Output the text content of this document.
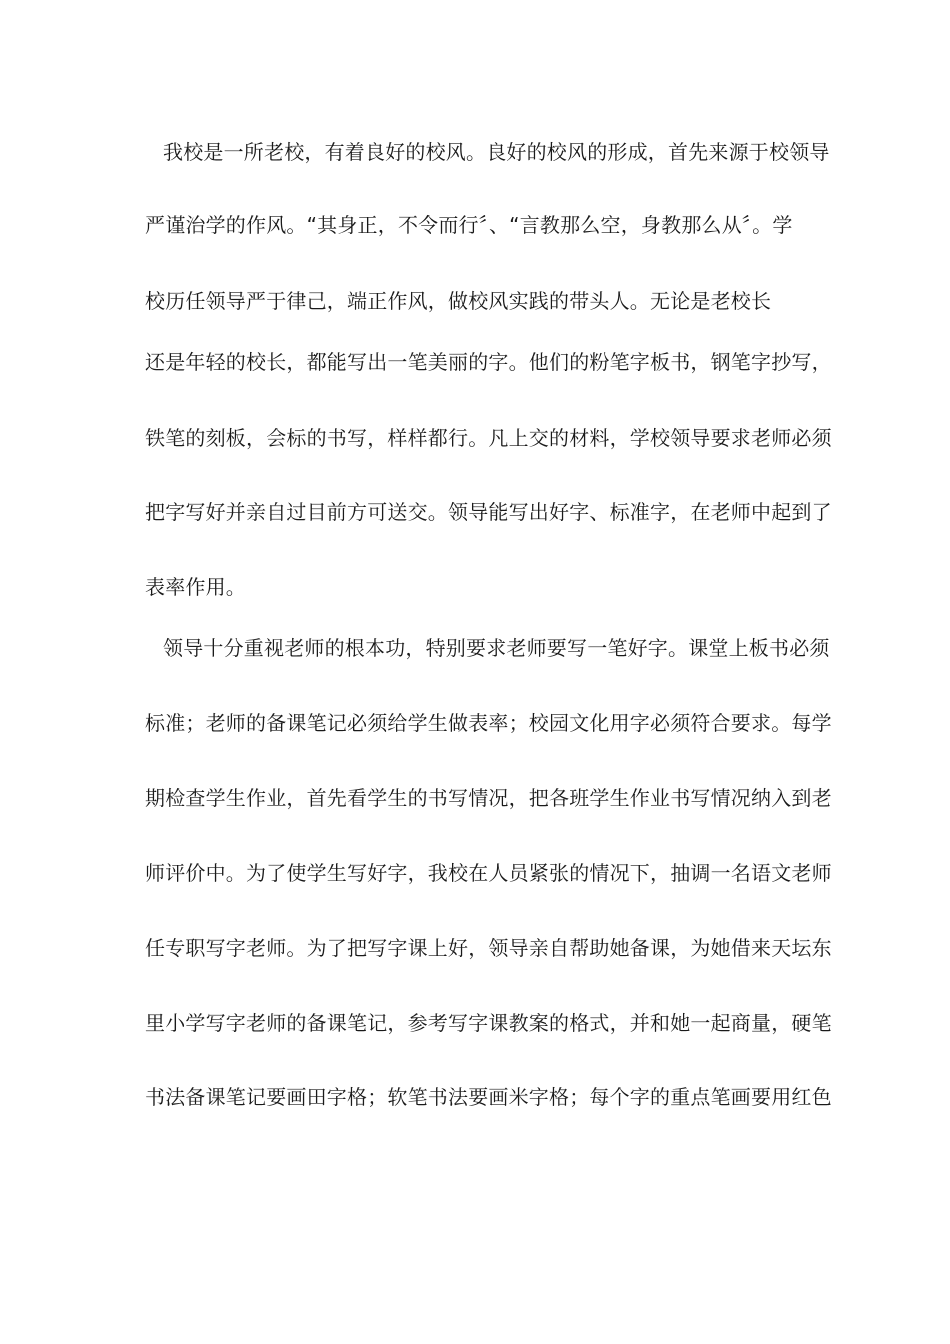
我校是一所老校，有着良好的校风。良好的校风的形成，首先来源于校领导
严谨治学的作风。“其身正，不令而行〞、“言教那么空，身教那么从〞。学
校历任领导严于律己，端正作风，做校风实践的带头人。无论是老校长
还是年轻的校长，都能写出一笔美丽的字。他们的粉笔字板书，钢笔字抄写，
铁笔的刻板，会标的书写，样样都行。凡上交的材料，学校领导要求老师必须
把字写好并亲自过目前方可送交。领导能写出好字、标准字，在老师中起到了
表率作用。
领导十分重视老师的根本功，特别要求老师要写一笔好字。课堂上板书必须
标准；老师的备课笔记必须给学生做表率；校园文化用字必须符合要求。每学
期检查学生作业，首先看学生的书写情况，把各班学生作业书写情况纳入到老
师评价中。为了使学生写好字，我校在人员紧张的情况下，抽调一名语文老师
任专职写字老师。为了把写字课上好，领导亲自帮助她备课，为她借来天坛东
里小学写字老师的备课笔记，参考写字课教案的格式，并和她一起商量，硬笔
书法备课笔记要画田字格；软笔书法要画米字格；每个字的重点笔画要用红色
